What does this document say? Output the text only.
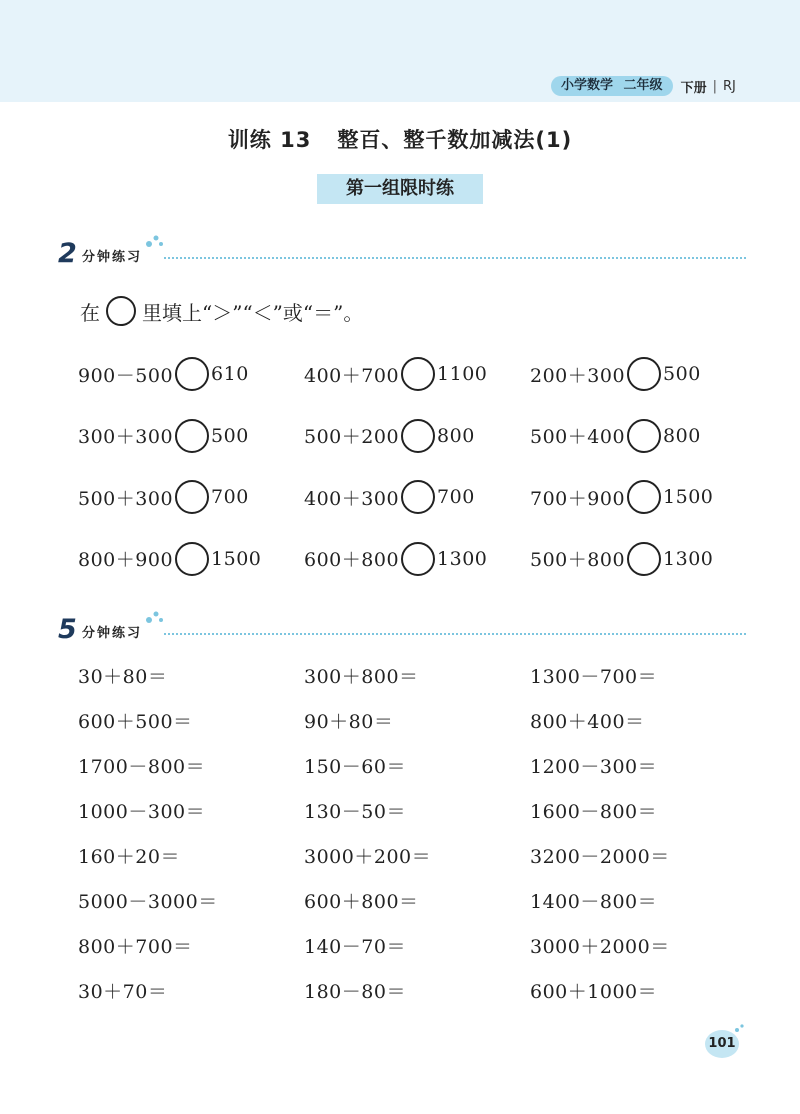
小学数学 二年级	下册 | RJ
训练 13 整百、整千数加减法(1)
第一组限时练
2 分钟练习
在 里填上“＞”“＜”或“＝”。
900－500 610	400＋700 1100 200＋300 500
300＋300 500	500＋200 800	500＋400 800
500＋300 700	400＋300 700	700＋900 1500
800＋900 1500 600＋800 1300 500＋800 1300
5 分钟练习
30＋80＝	300＋800＝	1300－700＝
600＋500＝	90＋80＝	800＋400＝
1700－800＝	150－60＝	1200－300＝
1000－300＝	130－50＝	1600－800＝
160＋20＝	3000＋200＝	3200－2000＝
5000－3000＝	600＋800＝	1400－800＝
800＋700＝	140－70＝	3000＋2000＝
30＋70＝	180－80＝	600＋1000＝
101
